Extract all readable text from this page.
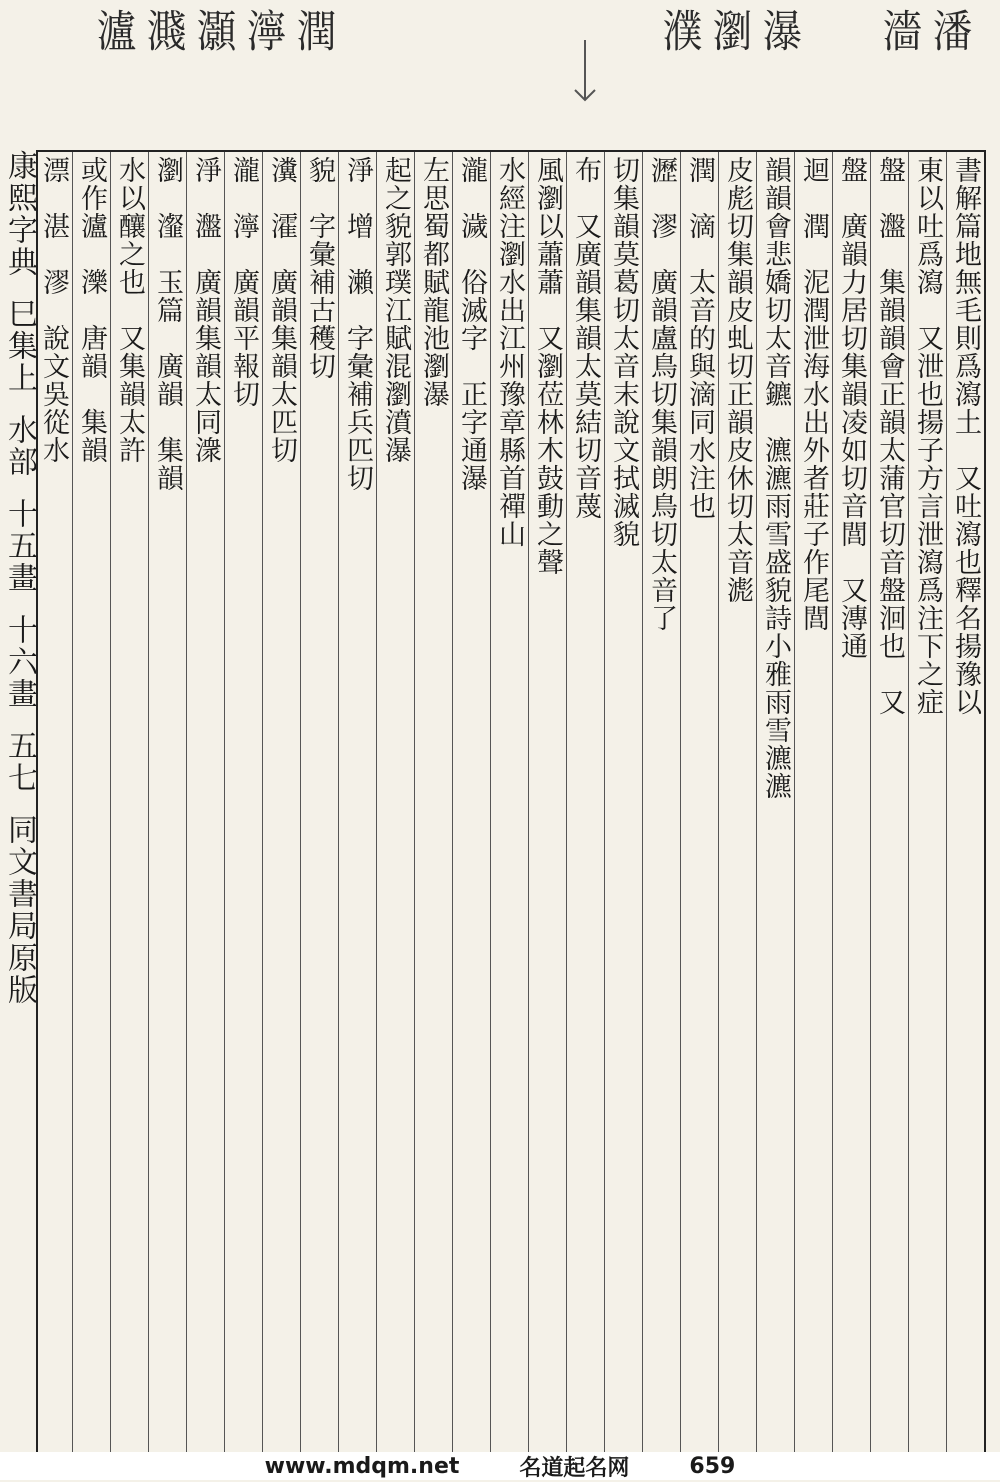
潘
濇
瀑
瀏
濮
潤
濘
灝
濺
瀘
康熙字典
巳集上
水部
十五畫
十六畫
五七
同文書局原版
書解篇地無毛則爲瀉土　又吐瀉也釋名揚豫以
東以吐爲瀉　又泄也揚子方言泄瀉爲注下之症
盤　瀊　集韻韻會正韻太蒲官切音盤洄也　又
盤　廣韻力居切集韻凌如切音閭　又漙通
迴　潤　泥潤泄海水出外者莊子作尾閭
韻韻會悲嬌切太音鑣　瀌瀌雨雪盛貌詩小雅雨雪瀌瀌
皮彪切集韻皮虬切正韻皮休切太音滮
潤　滴　太音的與滴同水注也
瀝　漻　廣韻盧鳥切集韻朗鳥切太音了
切集韻莫葛切太音末說文拭滅貌
布　又廣韻集韻太莫結切音蔑
風瀏以蕭蕭　又瀏莅林木鼓動之聲
水經注瀏水出江州豫章縣首禪山
瀧　濊　俗滅字　正字通瀑
左思蜀都賦龍池瀏瀑
起之貌郭璞江賦混瀏濆瀑
淨　增　瀨　字彙補兵匹切
貌　字彙補古穫切
瀵　瀖　廣韻集韻太匹切
瀧　濘　廣韻平報切
淨　瀊　廣韻集韻太同潨
瀏　瀣　玉篇　廣韻　集韻
水以釀之也　又集韻太許
或作瀘　濼　唐韻　集韻
漂　湛　漻　說文吳從水
www.mdqm.net	名道起名网	659
